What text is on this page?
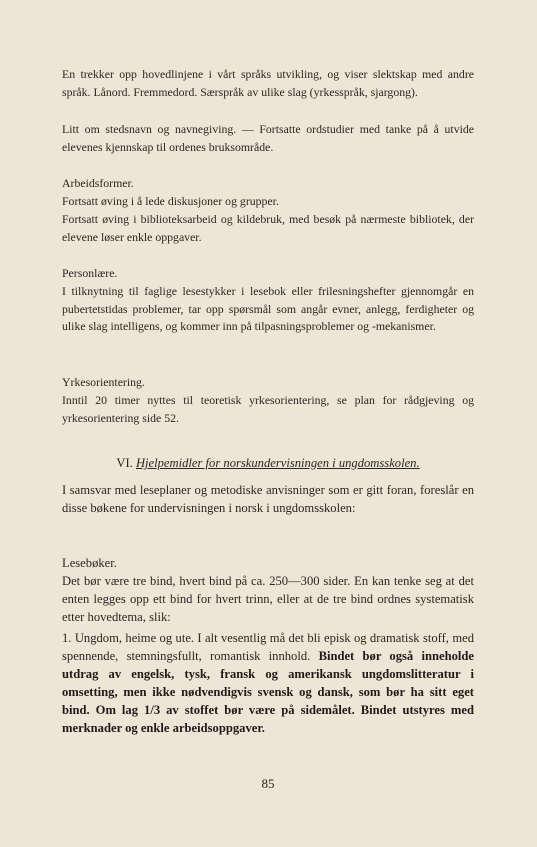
En trekker opp hovedlinjene i vårt språks utvikling, og viser slektskap med andre språk. Lånord. Fremmedord. Særspråk av ulike slag (yrkesspråk, sjargong).

Litt om stedsnavn og navnegiving. — Fortsatte ordstudier med tanke på å utvide elevenes kjennskap til ordenes bruksområde.

Arbeidsformer.

Fortsatt øving i å lede diskusjoner og grupper.

Fortsatt øving i biblioteksarbeid og kildebruk, med besøk på nærmeste bibliotek, der elevene løser enkle oppgaver.

Personlære.

I tilknytning til faglige lesestykker i lesebok eller frilesningshefter gjennomgår en pubertetstidas problemer, tar opp spørsmål som angår evner, anlegg, ferdigheter og ulike slag intelligens, og kommer inn på tilpasningsproblemer og -mekanismer.

Yrkesorientering.

Inntil 20 timer nyttes til teoretisk yrkesorientering, se plan for rådgjeving og yrkesorientering side 52.

VI. Hjelpemidler for norskundervisningen i ungdomsskolen.

I samsvar med leseplaner og metodiske anvisninger som er gitt foran, foreslår en disse bøkene for undervisningen i norsk i ungdomsskolen:

Lesebøker.

Det bør være tre bind, hvert bind på ca. 250—300 sider. En kan tenke seg at det enten legges opp ett bind for hvert trinn, eller at de tre bind ordnes systematisk etter hovedtema, slik:

1. Ungdom, heime og ute. I alt vesentlig må det bli episk og dramatisk stoff, med spennende, stemningsfullt, romantisk innhold. Bindet bør også inneholde utdrag av engelsk, tysk, fransk og amerikansk ungdomslitteratur i omsetting, men ikke nødvendigvis svensk og dansk, som bør ha sitt eget bind. Om lag 1/3 av stoffet bør være på sidemålet. Bindet utstyres med merknader og enkle arbeidsoppgaver.

85
